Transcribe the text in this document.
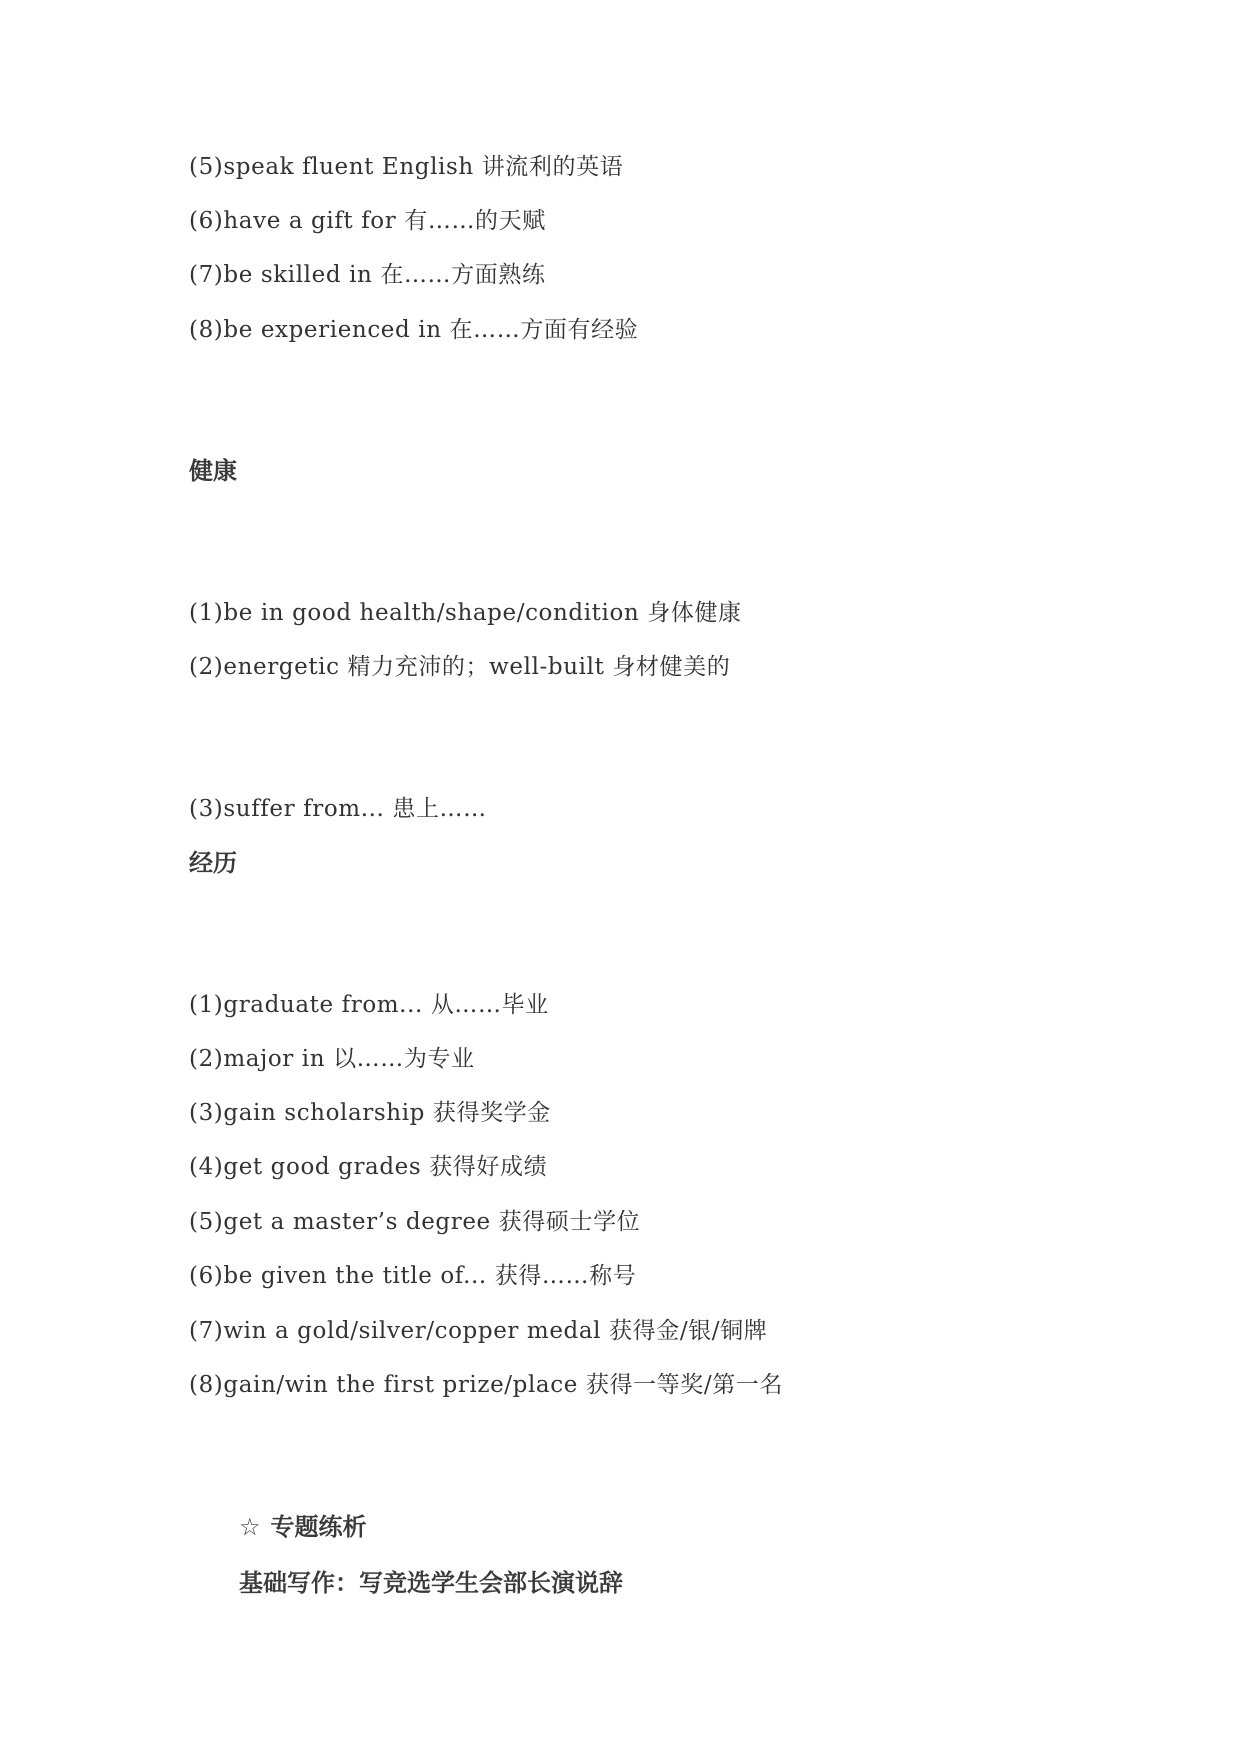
(5)speak fluent English 讲流利的英语
(6)have a gift for 有……的天赋
(7)be skilled in 在……方面熟练
(8)be experienced in 在……方面有经验
健康
(1)be in good health/shape/condition 身体健康
(2)energetic 精力充沛的；well-built 身材健美的
(3)suffer from... 患上……
经历
(1)graduate from... 从……毕业
(2)major in 以……为专业
(3)gain scholarship 获得奖学金
(4)get good grades 获得好成绩
(5)get a master’s degree 获得硕士学位
(6)be given the title of... 获得……称号
(7)win a gold/silver/copper medal 获得金/银/铜牌
(8)gain/win the first prize/place 获得一等奖/第一名
☆ 专题练析
基础写作：写竞选学生会部长演说辞
